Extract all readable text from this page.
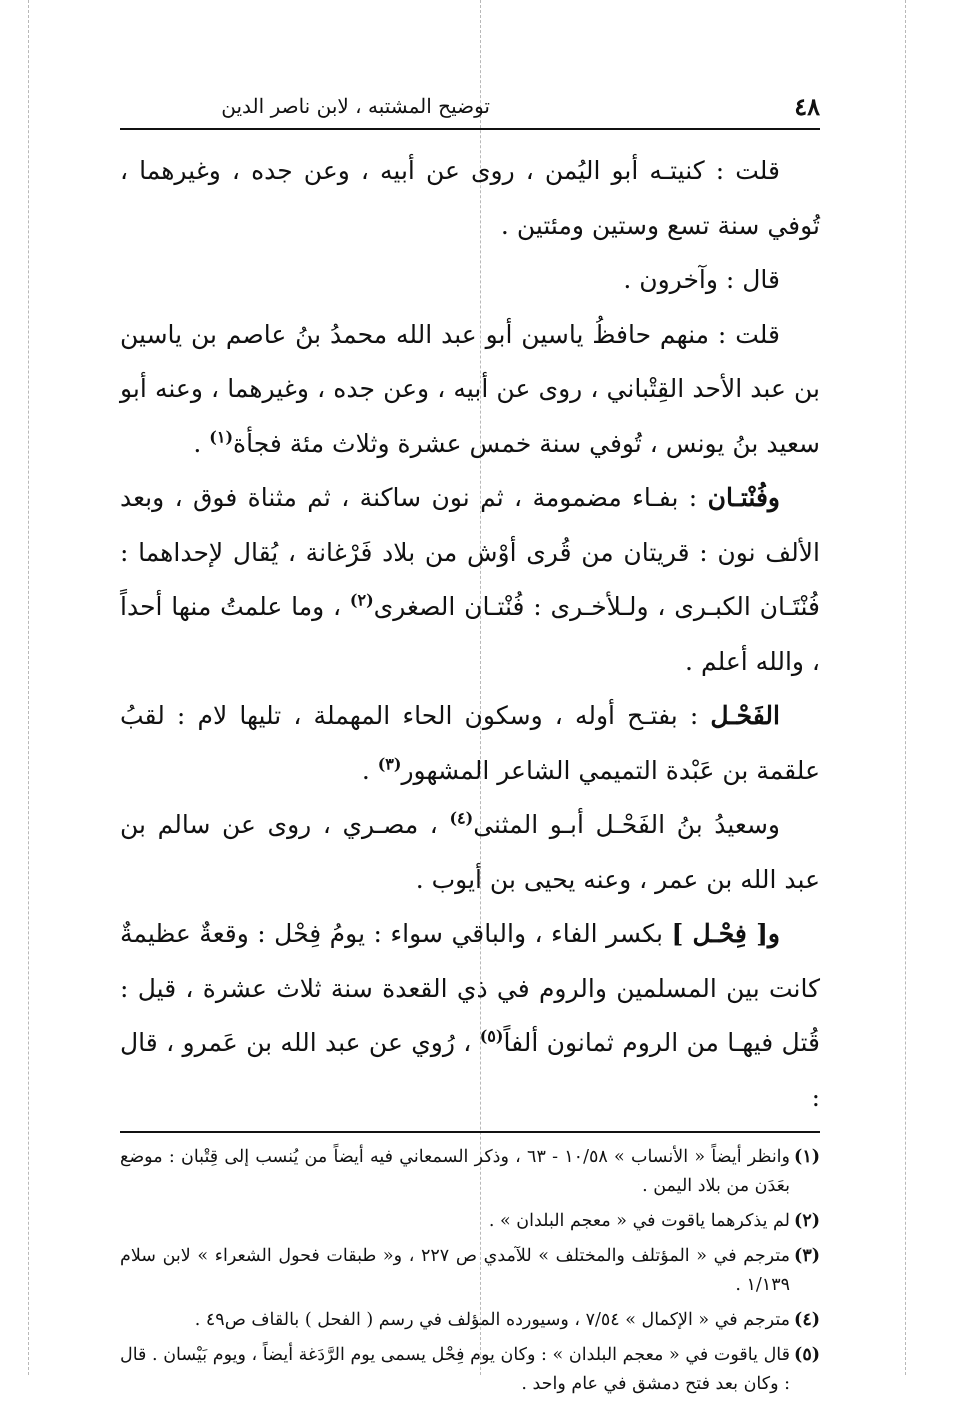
٤٨
توضيح المشتبه ، لابن ناصر الدين

قلت : كنيتـه أبو اليُمن ، روى عن أبيه ، وعن جده ، وغيرهما ، تُوفي سنة تسع وستين ومئتين .

قال : وآخرون .

قلت : منهم حافظُ ياسين أبو عبد الله محمدُ بنُ عاصم بن ياسين بن عبد الأحد القِتْباني ، روى عن أبيه ، وعن جده ، وغيرهما ، وعنه أبو سعيد بنُ يونس ، تُوفي سنة خمس عشرة وثلاث مئة فجأة$^{(١)}$ .

وفُنْتـان : بفـاء مضمومة ، ثم نون ساكنة ، ثم مثناة فوق ، وبعد الألف نون : قريتان من قُرى أوْش من بلاد فَرْغانة ، يُقال لإحداهما : فُنْتَـان الكبـرى ، ولـلأخـرى : فُنْتـان الصغرى$^{(٢)}$ ، وما علمتُ منها أحداً ، والله أعلم .

الفَحْـل : بفتـح أوله ، وسكون الحاء المهملة ، تليها لام : لقبُ علقمة بن عَبْدة التميمي الشاعر المشهور$^{(٣)}$ .

وسعيدُ بنُ الفَحْـل أبـو المثنى$^{(٤)}$ ، مصـري ، روى عن سالم بن عبد الله بن عمر ، وعنه يحيى بن أيوب .

و[ فِحْـل ] بكسر الفاء ، والباقي سواء : يومُ فِحْل : وقعةٌ عظيمةٌ كانت بين المسلمين والروم في ذي القعدة سنة ثلاث عشرة ، قيل : قُتل فيهـا من الروم ثمانون ألفاً$^{(٥)}$ ، رُوي عن عبد الله بن عَمرو ، قال :

(١)
وانظر أيضاً « الأنساب » ١٠/٥٨ - ٦٣ ، وذكر السمعاني فيه أيضاً من يُنسب إلى قِتْبان : موضع بعَدَن من بلاد اليمن .
(٢)
لم يذكرهما ياقوت في « معجم البلدان » .
(٣)
مترجم في « المؤتلف والمختلف » للآمدي ص ٢٢٧ ، و« طبقات فحول الشعراء » لابن سلام ١/١٣٩ .
(٤)
مترجم في « الإكمال » ٧/٥٤ ، وسيورده المؤلف في رسم ( الفحل ) بالقاف ص٤٩ .
(٥)
قال ياقوت في « معجم البلدان » : وكان يوم فِحْل يسمى يوم الرَّدَغة أيضاً ، ويوم بَيْسان . قال : وكان بعد فتح دمشق في عام واحد .
